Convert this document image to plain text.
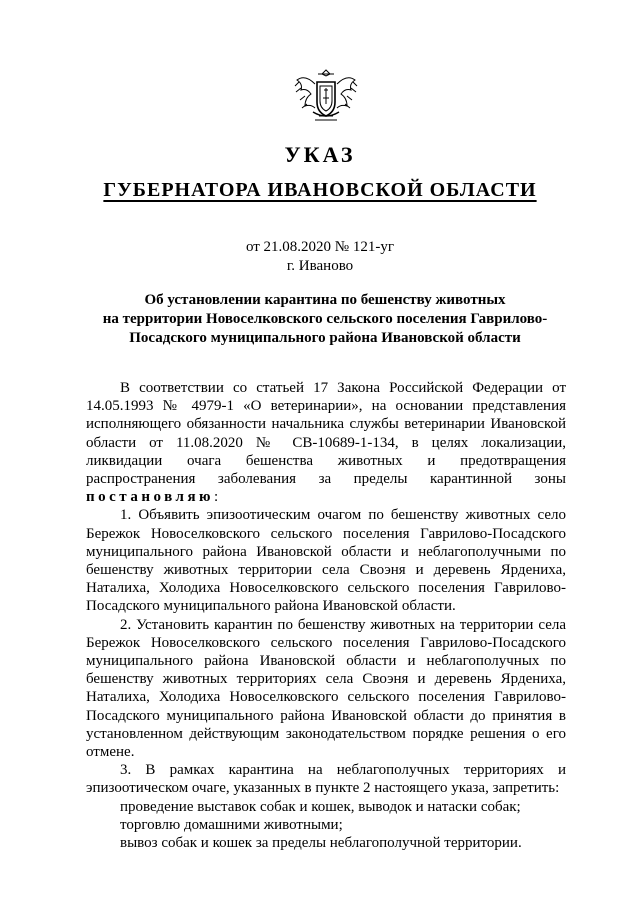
УКАЗ
ГУБЕРНАТОРА ИВАНОВСКОЙ ОБЛАСТИ
от 21.08.2020 № 121-уг
г. Иваново
Об установлении карантина по бешенству животных
на территории Новоселковского сельского поселения Гаврилово-
Посадского муниципального района Ивановской области

В соответствии со статьей 17 Закона Российской Федерации от 14.05.1993 № 4979-1 «О ветеринарии», на основании представления исполняющего обязанности начальника службы ветеринарии Ивановской области от 11.08.2020 № СВ-10689-1-134, в целях локализации, ликвидации очага бешенства животных и предотвращения распространения заболевания за пределы карантинной зоны постановляю:

1. Объявить эпизоотическим очагом по бешенству животных село Бережок Новоселковского сельского поселения Гаврилово-Посадского муниципального района Ивановской области и неблагополучными по бешенству животных территории села Своэня и деревень Ярдениха, Наталиха, Холодиха Новоселковского сельского поселения Гаврилово-Посадского муниципального района Ивановской области.

2. Установить карантин по бешенству животных на территории села Бережок Новоселковского сельского поселения Гаврилово-Посадского муниципального района Ивановской области и неблагополучных по бешенству животных территориях села Своэня и деревень Ярдениха, Наталиха, Холодиха Новоселковского сельского поселения Гаврилово-Посадского муниципального района Ивановской области до принятия в установленном действующим законодательством порядке решения о его отмене.

3. В рамках карантина на неблагополучных территориях и эпизоотическом очаге, указанных в пункте 2 настоящего указа, запретить:

проведение выставок собак и кошек, выводок и натаски собак;

торговлю домашними животными;

вывоз собак и кошек за пределы неблагополучной территории.
